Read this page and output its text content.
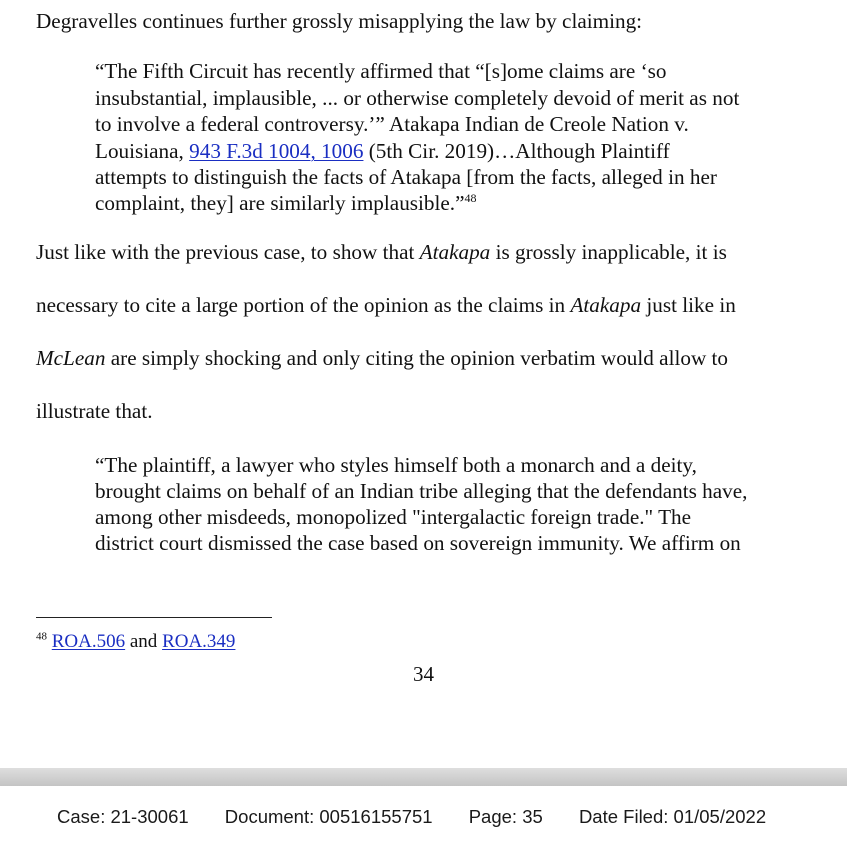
Degravelles continues further grossly misapplying the law by claiming:
“The Fifth Circuit has recently affirmed that “[s]ome claims are ‘so
insubstantial, implausible, ... or otherwise completely devoid of merit as not
to involve a federal controversy.’” Atakapa Indian de Creole Nation v.
Louisiana, 943 F.3d 1004, 1006 (5th Cir. 2019)…Although Plaintiff
attempts to distinguish the facts of Atakapa [from the facts, alleged in her
complaint, they] are similarly implausible.”$^{48}$
Just like with the previous case, to show that Atakapa is grossly inapplicable, it is
necessary to cite a large portion of the opinion as the claims in Atakapa just like in
McLean are simply shocking and only citing the opinion verbatim would allow to
illustrate that.
“The plaintiff, a lawyer who styles himself both a monarch and a deity,
brought claims on behalf of an Indian tribe alleging that the defendants have,
among other misdeeds, monopolized "intergalactic foreign trade." The
district court dismissed the case based on sovereign immunity. We affirm on
$^{48}$ ROA.506 and ROA.349
34
Case: 21-30061 Document: 00516155751 Page: 35 Date Filed: 01/05/2022
